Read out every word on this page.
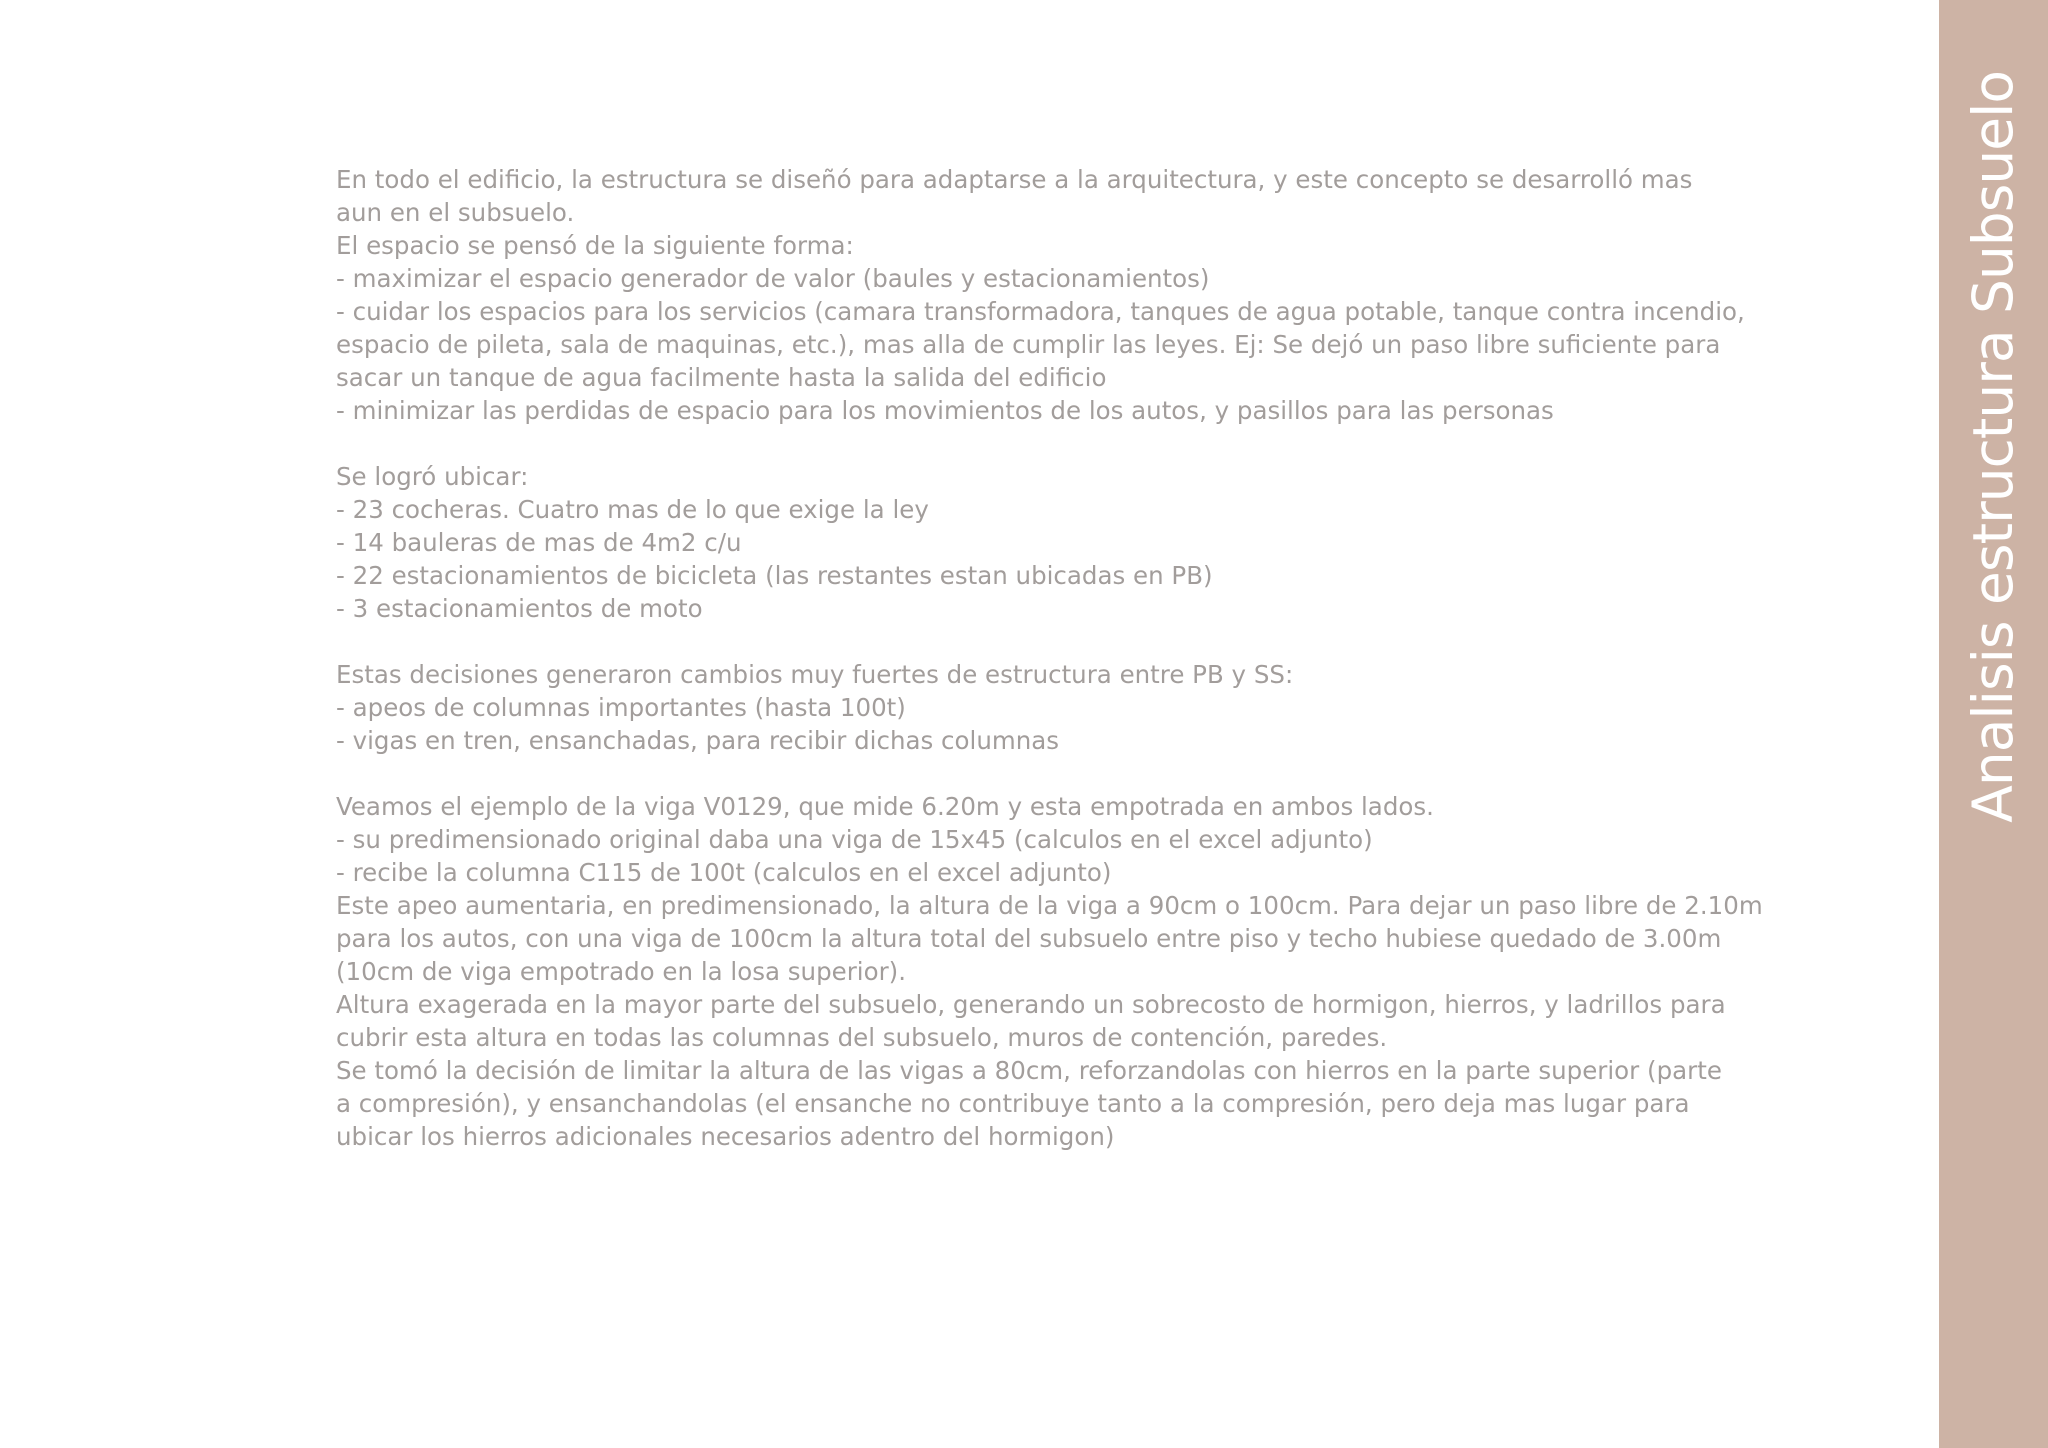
En todo el edificio, la estructura se diseñó para adaptarse a la arquitectura, y este concepto se desarrolló mas
aun en el subsuelo.
El espacio se pensó de la siguiente forma:
- maximizar el espacio generador de valor (baules y estacionamientos)
- cuidar los espacios para los servicios (camara transformadora, tanques de agua potable, tanque contra incendio,
espacio de pileta, sala de maquinas, etc.), mas alla de cumplir las leyes. Ej: Se dejó un paso libre suficiente para
sacar un tanque de agua facilmente hasta la salida del edificio
- minimizar las perdidas de espacio para los movimientos de los autos, y pasillos para las personas
Se logró ubicar:
- 23 cocheras. Cuatro mas de lo que exige la ley
- 14 bauleras de mas de 4m2 c/u
- 22 estacionamientos de bicicleta (las restantes estan ubicadas en PB)
- 3 estacionamientos de moto
Estas decisiones generaron cambios muy fuertes de estructura entre PB y SS:
- apeos de columnas importantes (hasta 100t)
- vigas en tren, ensanchadas, para recibir dichas columnas
Veamos el ejemplo de la viga V0129, que mide 6.20m y esta empotrada en ambos lados.
- su predimensionado original daba una viga de 15x45 (calculos en el excel adjunto)
- recibe la columna C115 de 100t (calculos en el excel adjunto)
Este apeo aumentaria, en predimensionado, la altura de la viga a 90cm o 100cm. Para dejar un paso libre de 2.10m
para los autos, con una viga de 100cm la altura total del subsuelo entre piso y techo hubiese quedado de 3.00m
(10cm de viga empotrado en la losa superior).
Altura exagerada en la mayor parte del subsuelo, generando un sobrecosto de hormigon, hierros, y ladrillos para
cubrir esta altura en todas las columnas del subsuelo, muros de contención, paredes.
Se tomó la decisión de limitar la altura de las vigas a 80cm, reforzandolas con hierros en la parte superior (parte
a compresión), y ensanchandolas (el ensanche no contribuye tanto a la compresión, pero deja mas lugar para
ubicar los hierros adicionales necesarios adentro del hormigon)
Analisis estructura Subsuelo
